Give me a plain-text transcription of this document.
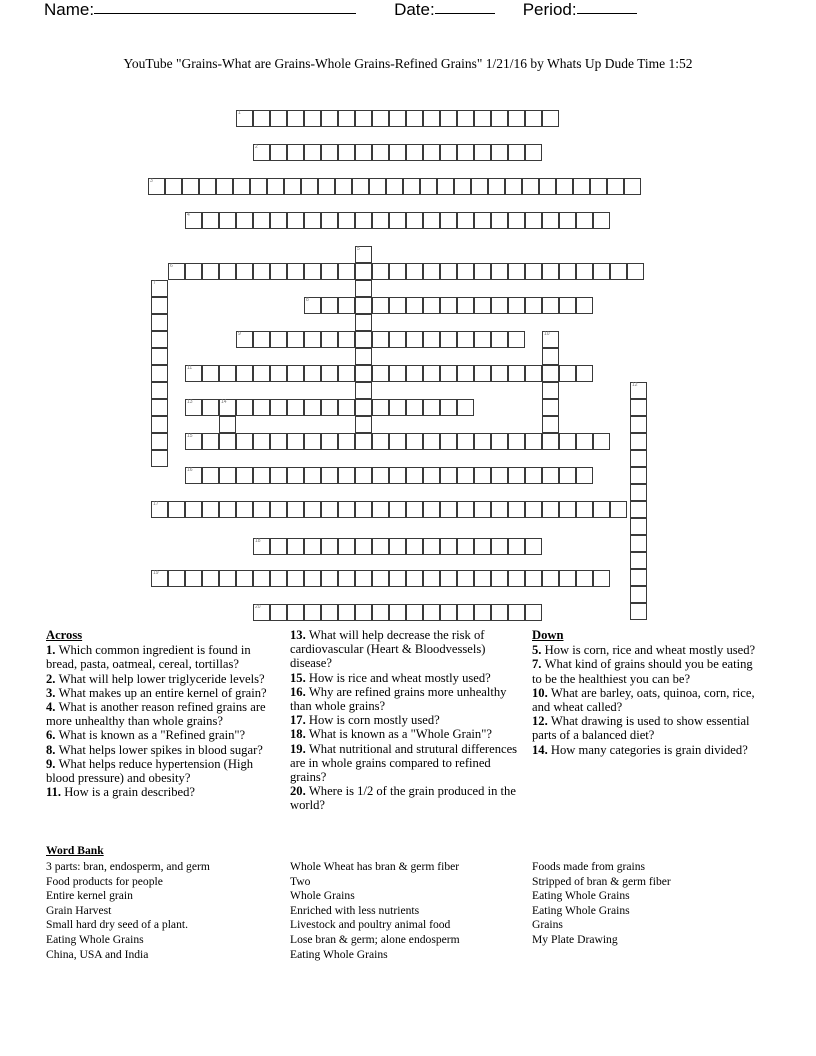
Name:	Date:	Period:
YouTube "Grains-What are Grains-Whole Grains-Refined Grains" 1/21/16 by Whats Up Dude Time 1:52
1
2
3
4
6
8
9
11
13	14
15
16
17
18
19
20
5
7
10
12
Across
1. Which common ingredient is found in bread, pasta, oatmeal, cereal, tortillas?
2. What will help lower triglyceride levels?
3. What makes up an entire kernel of grain?
4. What is another reason refined grains are more unhealthy than whole grains?
6. What is known as a "Refined grain"?
8. What helps lower spikes in blood sugar?
9. What helps reduce hypertension (High blood pressure) and obesity?
11. How is a grain described?
13. What will help decrease the risk of cardiovascular (Heart & Bloodvessels) disease?
15. How is rice and wheat mostly used?
16. Why are refined grains more unhealthy than whole grains?
17. How is corn mostly used?
18. What is known as a "Whole Grain"?
19. What nutritional and strutural differences are in whole grains compared to refined grains?
20. Where is 1/2 of the grain produced in the world?
Down
5. How is corn, rice and wheat mostly used?
7. What kind of grains should you be eating to be the healthiest you can be?
10. What are barley, oats, quinoa, corn, rice, and wheat called?
12. What drawing is used to show essential parts of a balanced diet?
14. How many categories is grain divided?
Word Bank
3 parts: bran, endosperm, and germ
Food products for people
Entire kernel grain
Grain Harvest
Small hard dry seed of a plant.
Eating Whole Grains
China, USA and India
Whole Wheat has bran & germ fiber
Two
Whole Grains
Enriched with less nutrients
Livestock and poultry animal food
Lose bran & germ; alone endosperm
Eating Whole Grains
Foods made from grains
Stripped of bran & germ fiber
Eating Whole Grains
Eating Whole Grains
Grains
My Plate Drawing
